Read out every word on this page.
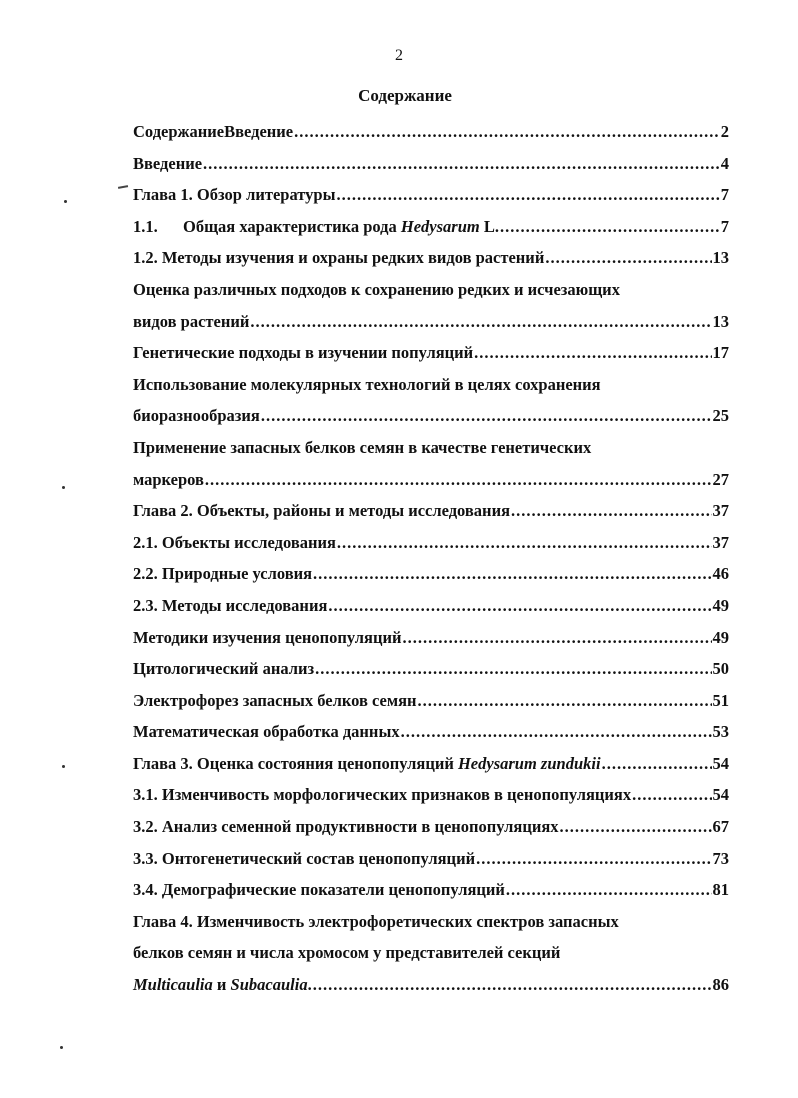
2
Содержание
СодержаниеВведение .....	2
Введение .....	4
Глава 1. Обзор литературы .....	7
1.1. Общая характеристика рода Hedysarum L. .....	7
1.2. Методы изучения и охраны редких видов растений .....	13
Оценка различных подходов к сохранению редких и исчезающих
видов растений .....	13
Генетические подходы в изучении популяций .....	17
Использование молекулярных технологий в целях сохранения
биоразнообразия .....	25
Применение запасных белков семян в качестве генетических
маркеров .....	27
Глава 2. Объекты, районы и методы исследования .....	37
2.1. Объекты исследования .....	37
2.2. Природные условия .....	46
2.3. Методы исследования .....	49
Методики изучения ценопопуляций .....	49
Цитологический анализ .....	50
Электрофорез запасных белков семян .....	51
Математическая обработка данных .....	53
Глава 3. Оценка состояния ценопопуляций Hedysarum zundukii .....	54
3.1. Изменчивость морфологических признаков в ценопопуляциях .....	54
3.2. Анализ семенной продуктивности в ценопопуляциях .....	67
3.3. Онтогенетический состав ценопопуляций .....	73
3.4. Демографические показатели ценопопуляций .....	81
Глава 4. Изменчивость электрофоретических спектров запасных
белков семян и числа хромосом у представителей секций
Multicaulia и Subacaulia. .....	86
